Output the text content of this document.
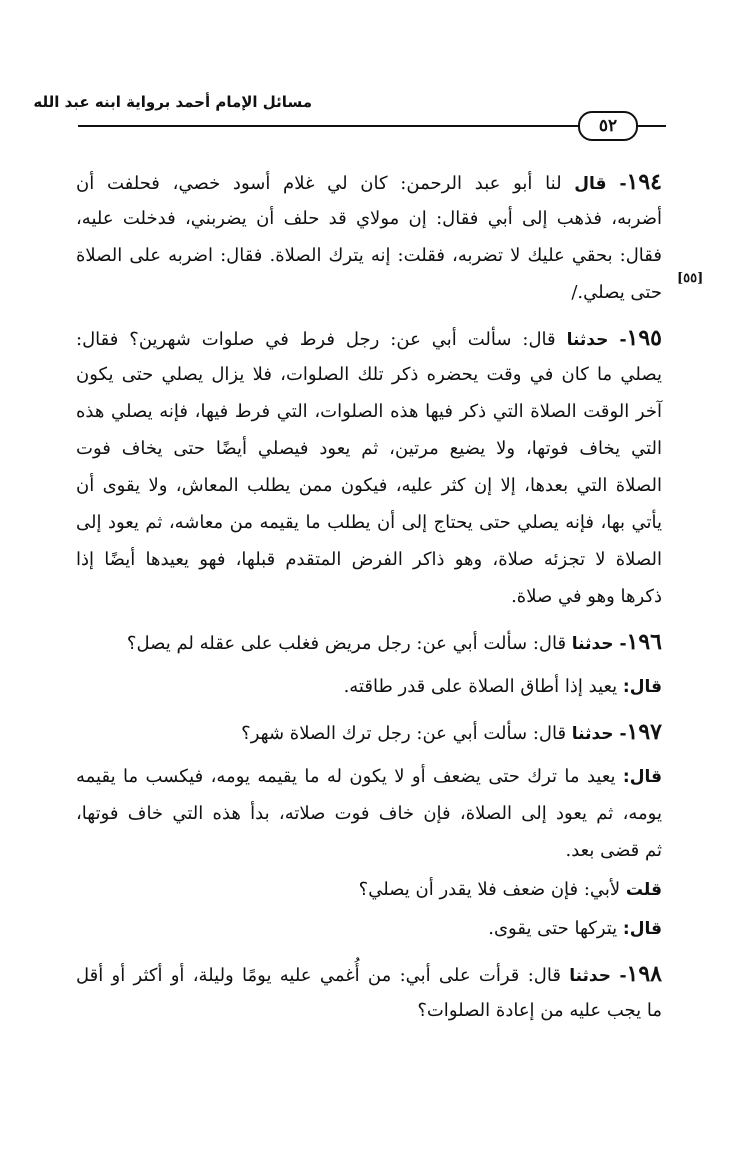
مسائل الإمام أحمد برواية ابنه عبد الله
٥٢
[٥٥]
١٩٤- قال لنا أبو عبد الرحمن: كان لي غلام أسود خصي، فحلفت أن
أضربه، فذهب إلى أبي فقال: إن مولاي قد حلف أن يضربني، فدخلت عليه،
فقال: بحقي عليك لا تضربه، فقلت: إنه يترك الصلاة. فقال: اضربه على الصلاة
حتى يصلي./
١٩٥- حدثنا قال: سألت أبي عن: رجل فرط في صلوات شهرين؟ فقال:
يصلي ما كان في وقت يحضره ذكر تلك الصلوات، فلا يزال يصلي حتى يكون
آخر الوقت الصلاة التي ذكر فيها هذه الصلوات، التي فرط فيها، فإنه يصلي هذه
التي يخاف فوتها، ولا يضيع مرتين، ثم يعود فيصلي أيضًا حتى يخاف فوت
الصلاة التي بعدها، إلا إن كثر عليه، فيكون ممن يطلب المعاش، ولا يقوى أن
يأتي بها، فإنه يصلي حتى يحتاج إلى أن يطلب ما يقيمه من معاشه، ثم يعود إلى
الصلاة لا تجزئه صلاة، وهو ذاكر الفرض المتقدم قبلها، فهو يعيدها أيضًا إذا
ذكرها وهو في صلاة.
١٩٦- حدثنا قال: سألت أبي عن: رجل مريض فغلب على عقله لم يصل؟
قال: يعيد إذا أطاق الصلاة على قدر طاقته.
١٩٧- حدثنا قال: سألت أبي عن: رجل ترك الصلاة شهر؟
قال: يعيد ما ترك حتى يضعف أو لا يكون له ما يقيمه يومه، فيكسب ما يقيمه
يومه، ثم يعود إلى الصلاة، فإن خاف فوت صلاته، بدأ هذه التي خاف فوتها،
ثم قضى بعد.
قلت لأبي: فإن ضعف فلا يقدر أن يصلي؟
قال: يتركها حتى يقوى.
١٩٨- حدثنا قال: قرأت على أبي: من أُغمي عليه يومًا وليلة، أو أكثر أو أقل
ما يجب عليه من إعادة الصلوات؟
